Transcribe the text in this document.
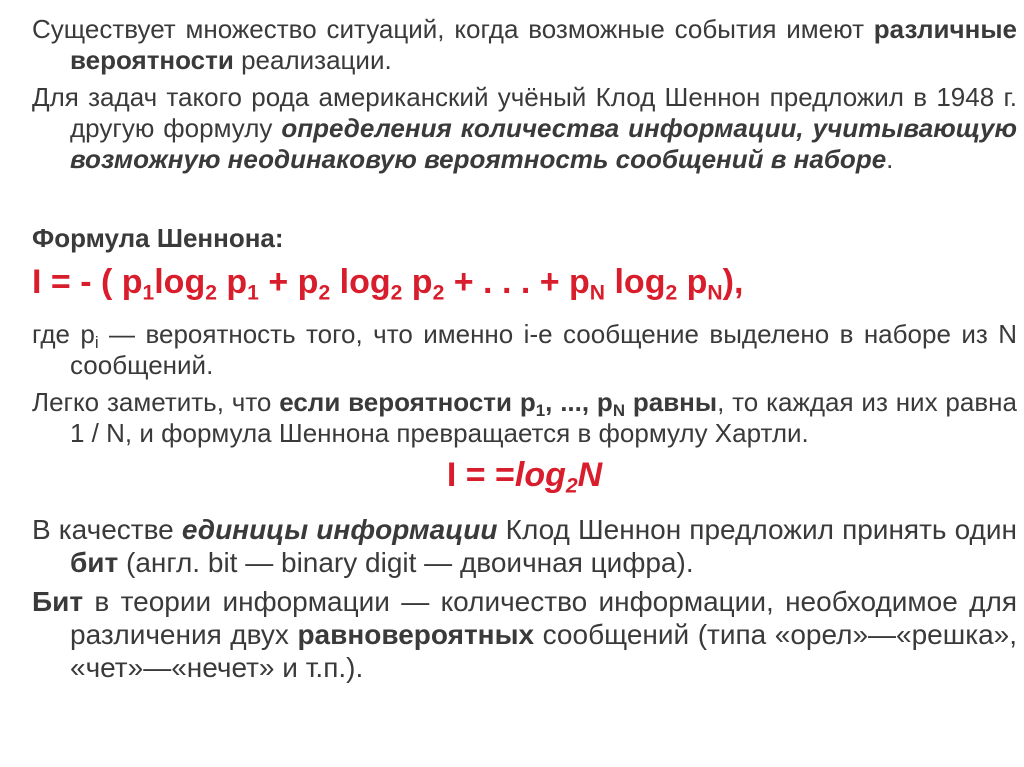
Существует множество ситуаций, когда возможные события имеют различные вероятности реализации.

Для задач такого рода американский учёный Клод Шеннон предложил в 1948 г. другую формулу определения количества информации, учитывающую возможную неодинаковую вероятность сообщений в наборе.

Формула Шеннона:
I = - ( $p_1\log_2$ $p_1 + p_2$ $\log_2 p_2$ + . . . + $p_N$ $\log_2 p_N$),

где $p_i$ — вероятность того, что именно i-е сообщение выделено в наборе из N сообщений.

Легко заметить, что если вероятности $p_1$, ..., $p_N$ равны, то каждая из них равна 1 / N, и формула Шеннона превращается в формулу Хартли.

$I = =\log_2N$

В качестве единицы информации Клод Шеннон предложил принять один бит (англ. bit — binary digit — двоичная цифра).

Бит в теории информации — количество информации, необходимое для различения двух равновероятных сообщений (типа «орел»—«решка», «чет»—«нечет» и т.п.).
